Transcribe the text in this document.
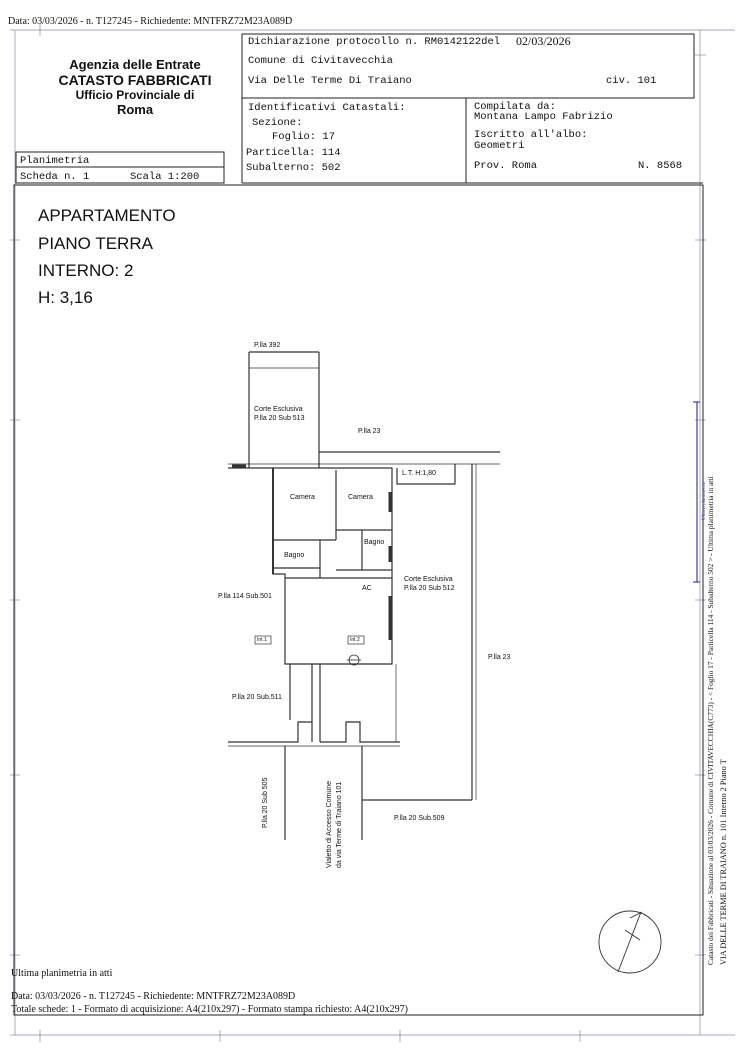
Data: 03/03/2026 - n. T127245 - Richiedente: MNTFRZ72M23A089D
Agenzia delle Entrate
CATASTO FABBRICATI
Ufficio Provinciale di
Roma
Dichiarazione protocollo n. RM0142122del 02/03/2026
Comune di Civitavecchia
Via Delle Terme Di Traiano	civ. 101
Identificativi Catastali:
Sezione:
Foglio: 17
Particella: 114
Subalterno: 502
Compilata da:
Montana Lampo Fabrizio
Iscritto all'albo:
Geometri
Prov. Roma	N. 8568
Planimetria
Scheda n. 1	Scala 1:200
APPARTAMENTO
PIANO TERRA
INTERNO: 2
H: 3,16
P.lla 392
Corte Esclusiva
P.lla 20 Sub 513
P.lla 23
L.T. H:1,80
Camera	Camera
Bagno
Bagno
AC
Corte Esclusiva
P.lla 20 Sub 512
P.lla 114 Sub.501
Int.1	Int.2
P.lla 23
P.lla 20 Sub.511
P.lla 20 Sub 505	Vialetto di Accesso Comune da via Terme di Traiano 101	P.lla 20 Sub.509	Catasto dei Fabbricati - Situazione al 03/03/2026 - Comune di CIVITAVECCHIA(C773) - < Foglio 17 - Particella 114 - Subalterno 502 > - Ultima planimetria in atti VIA DELLE TERME DI TRAIANO n. 101 Interno 2 Piano T
Ultima planimetria
Ultima planimetria in atti
Data: 03/03/2026 - n. T127245 - Richiedente: MNTFRZ72M23A089D
Totale schede: 1 - Formato di acquisizione: A4(210x297) - Formato stampa richiesto: A4(210x297)
